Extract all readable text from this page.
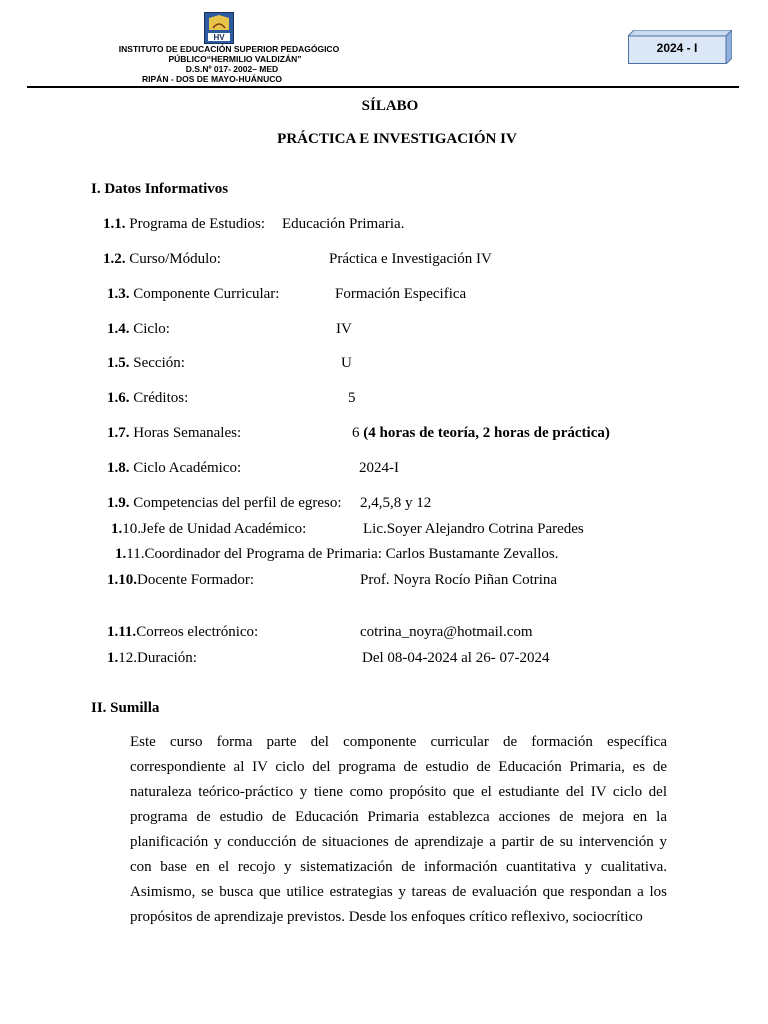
HV
INSTITUTO DE EDUCACIÓN SUPERIOR PEDAGÓGICO
PÚBLICO“HERMILIO VALDIZÁN”
D.S.Nº 017- 2002– MED
RIPÁN - DOS DE MAYO-HUÁNUCO
2024 - I
SÍLABO
PRÁCTICA E INVESTIGACIÓN IV
I. Datos Informativos
1.1. Programa de Estudios: Educación Primaria.
1.2. Curso/Módulo:	Práctica e Investigación IV
1.3. Componente Curricular:	Formación Especifica
1.4. Ciclo:	IV
1.5. Sección:	U
1.6. Créditos:	5
1.7. Horas Semanales:	6 (4 horas de teoría, 2 horas de práctica)
1.8. Ciclo Académico:	2024-I
1.9. Competencias del perfil de egreso: 2,4,5,8 y 12
1.10.Jefe de Unidad Académico:	Lic.Soyer Alejandro Cotrina Paredes
1.11.Coordinador del Programa de Primaria: Carlos Bustamante Zevallos.
1.10.Docente Formador:	Prof. Noyra Rocío Piñan Cotrina
1.11.Correos electrónico:	cotrina_noyra@hotmail.com
1.12.Duración:	Del 08-04-2024 al 26- 07-2024
II. Sumilla
Este curso forma parte del componente curricular de formación específica correspondiente al IV ciclo del programa de estudio de Educación Primaria, es de naturaleza teórico-práctico y tiene como propósito que el estudiante del IV ciclo del programa de estudio de Educación Primaria establezca acciones de mejora en la planificación y conducción de situaciones de aprendizaje a partir de su intervención y con base en el recojo y sistematización de información cuantitativa y cualitativa. Asimismo, se busca que utilice estrategias y tareas de evaluación que respondan a los propósitos de aprendizaje previstos. Desde los enfoques crítico reflexivo, sociocrítico
